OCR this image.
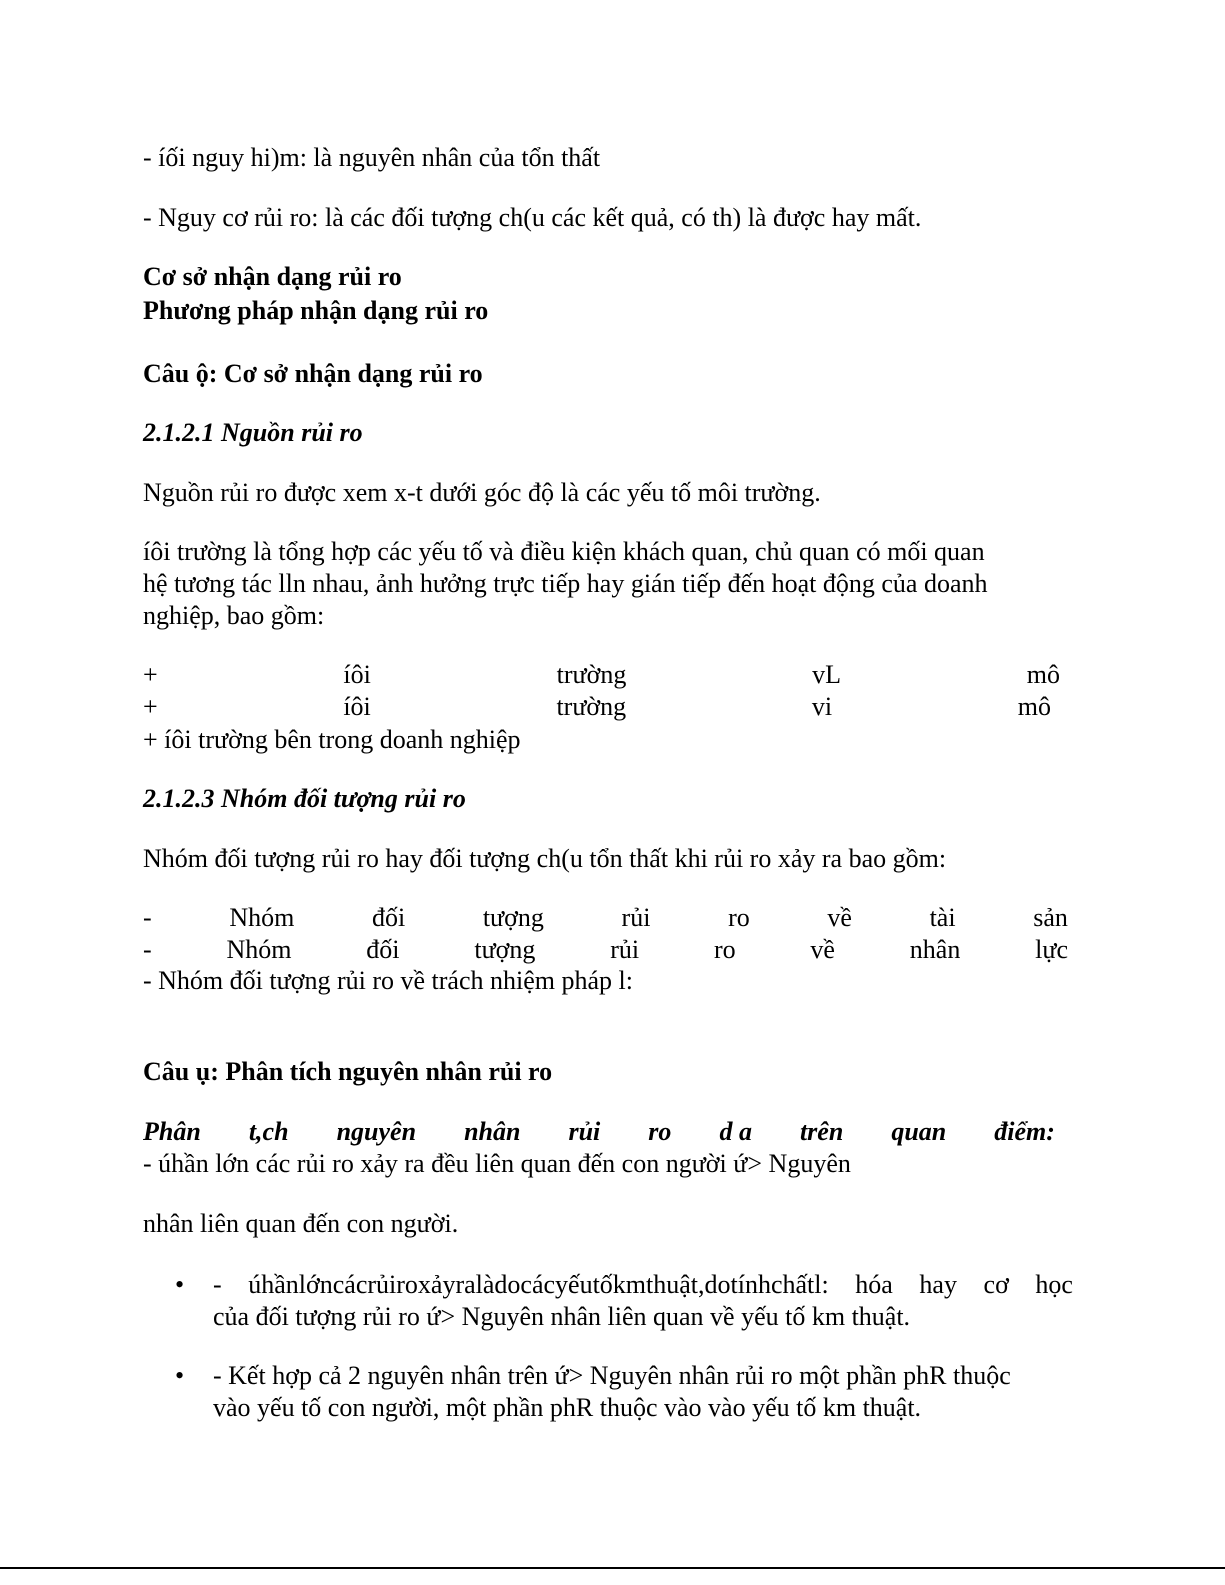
- íối nguy hi)m: là nguyên nhân của tổn thất
- Nguy cơ rủi ro: là các đối tượng ch(u các kết quả, có th) là được hay mất.
Cơ sở nhận dạng rủi ro
Phương pháp nhận dạng rủi ro
Câu ộ: Cơ sở nhận dạng rủi ro
2.1.2.1 Nguồn rủi ro
Nguồn rủi ro được xem x-t dưới góc độ là các yếu tố môi trường.
íôi trường là tổng hợp các yếu tố và điều kiện khách quan, chủ quan có mối quan
hệ tương tác lln nhau, ảnh hưởng trực tiếp hay gián tiếp đến hoạt động của doanh
nghiệp, bao gồm:
+	íôi	trường	vL	mô
+	íôi	trường	vi	mô
+ íôi trường bên trong doanh nghiệp
2.1.2.3 Nhóm đối tượng rủi ro
Nhóm đối tượng rủi ro hay đối tượng ch(u tổn thất khi rủi ro xảy ra bao gồm:
-	Nhóm	đối	tượng	rủi	ro	về	tài	sản
-	Nhóm	đối	tượng	rủi	ro	về	nhân	lực
- Nhóm đối tượng rủi ro về trách nhiệm pháp l:
Câu ụ: Phân tích nguyên nhân rủi ro
Phân t,ch nguyên nhân rủi ro d a trên quan điểm:
- úhần lớn các rủi ro xảy ra đều liên quan đến con người ứ> Nguyên
nhân liên quan đến con người.
• - úhầnlớncácrủiroxảyralàdocácyếutốkmthuật,dotínhchấtl: hóa hay cơ học
của đối tượng rủi ro ứ> Nguyên nhân liên quan về yếu tố km thuật.
• - Kết hợp cả 2 nguyên nhân trên ứ> Nguyên nhân rủi ro một phần phR thuộc
vào yếu tố con người, một phần phR thuộc vào vào yếu tố km thuật.
